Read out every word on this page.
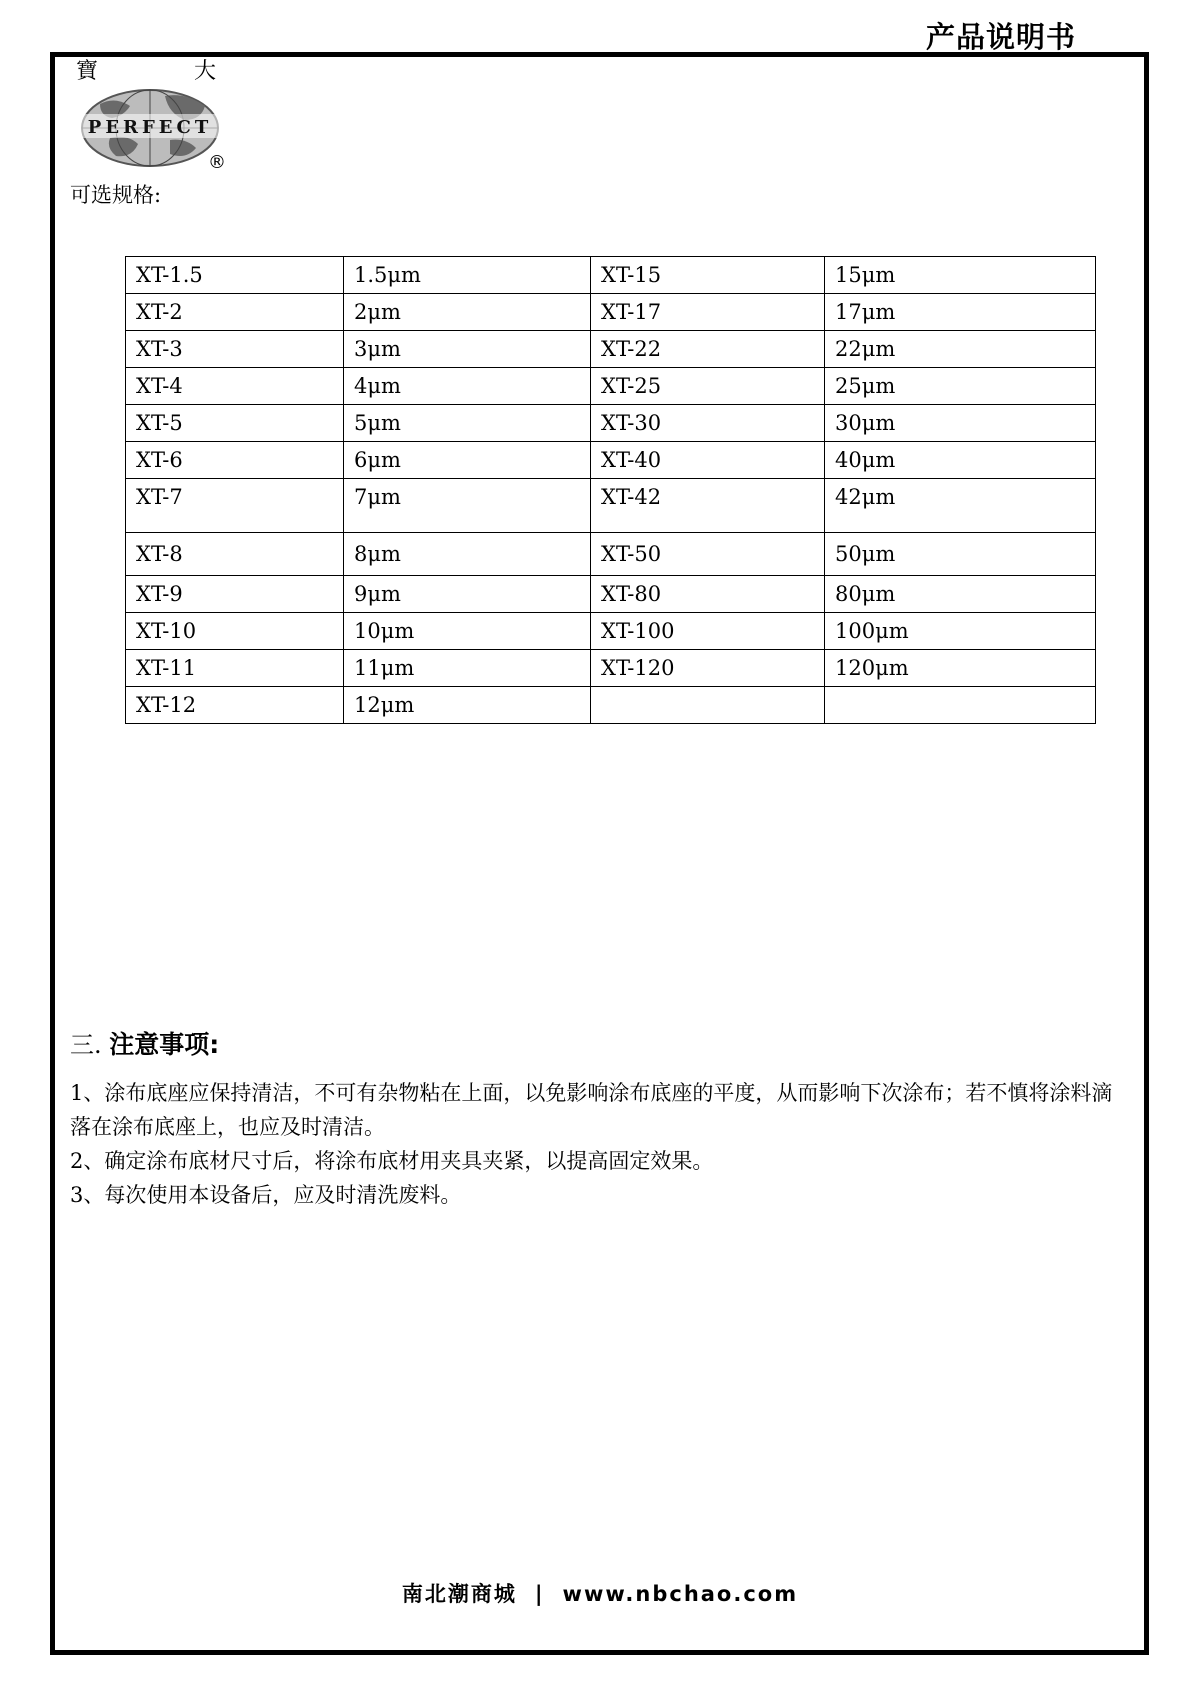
产品说明书
寶	大
PERFECT
®
可选规格:
XT-1.5	1.5μm	XT-15	15μm
XT-2	2μm	XT-17	17μm
XT-3	3μm	XT-22	22μm
XT-4	4μm	XT-25	25μm
XT-5	5μm	XT-30	30μm
XT-6	6μm	XT-40	40μm
XT-7	7μm	XT-42	42μm
XT-8	8μm	XT-50	50μm
XT-9	9μm	XT-80	80μm
XT-10	10μm	XT-100	100μm
XT-11	11μm	XT-120	120μm
XT-12	12μm		
三. 注意事项:

1、涂布底座应保持清洁，不可有杂物粘在上面，以免影响涂布底座的平度，从而影响下次涂布；若不慎将涂料滴落在涂布底座上，也应及时清洁。

2、确定涂布底材尺寸后，将涂布底材用夹具夹紧，以提高固定效果。

3、每次使用本设备后，应及时清洗废料。

南北潮商城 | www.nbchao.com
